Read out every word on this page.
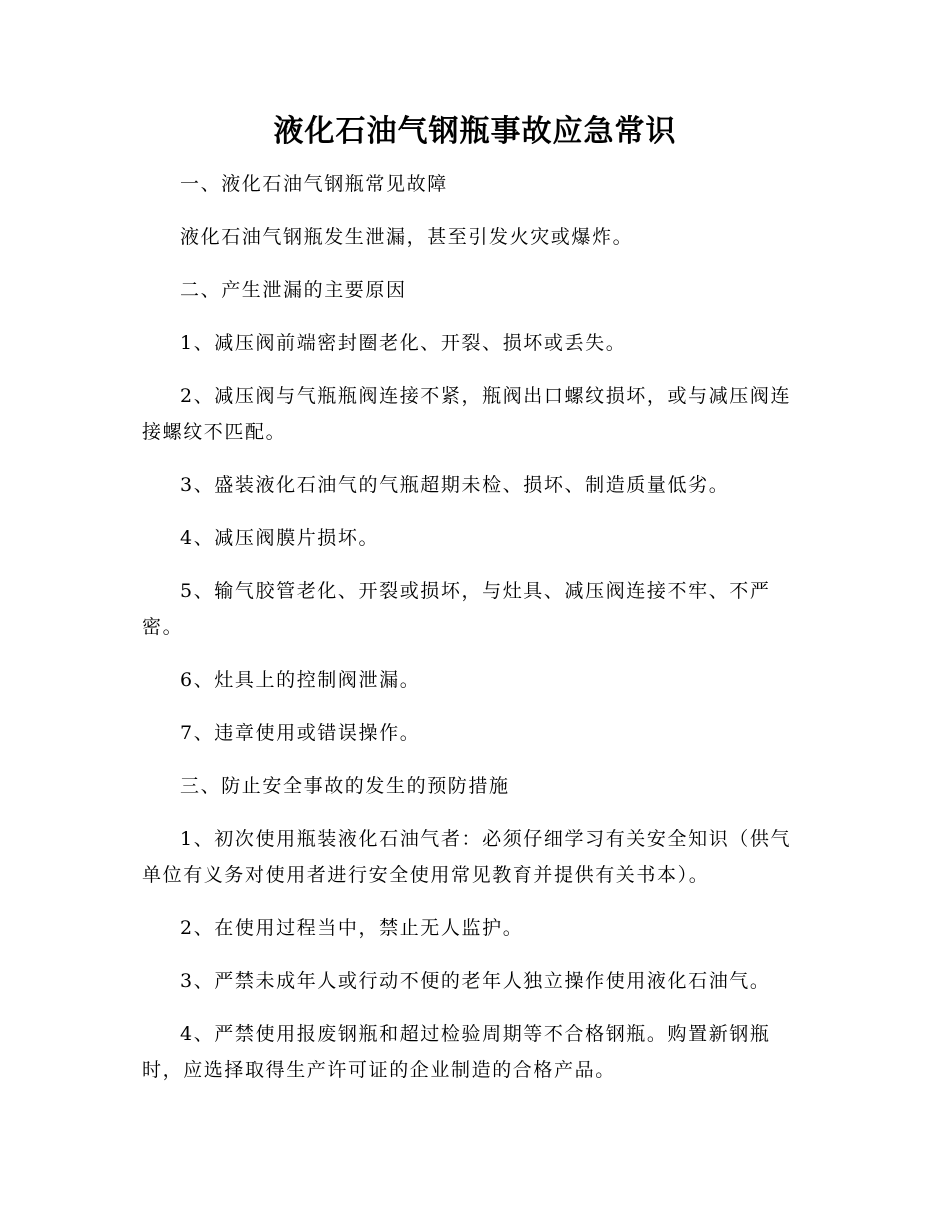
液化石油气钢瓶事故应急常识

一、液化石油气钢瓶常见故障

液化石油气钢瓶发生泄漏，甚至引发火灾或爆炸。

二、产生泄漏的主要原因

1、减压阀前端密封圈老化、开裂、损坏或丢失。

2、减压阀与气瓶瓶阀连接不紧，瓶阀出口螺纹损坏，或与减压阀连接螺纹不匹配。

3、盛装液化石油气的气瓶超期未检、损坏、制造质量低劣。

4、减压阀膜片损坏。

5、输气胶管老化、开裂或损坏，与灶具、减压阀连接不牢、不严密。

6、灶具上的控制阀泄漏。

7、违章使用或错误操作。

三、防止安全事故的发生的预防措施

1、初次使用瓶装液化石油气者：必须仔细学习有关安全知识（供气单位有义务对使用者进行安全使用常见教育并提供有关书本）。

2、在使用过程当中，禁止无人监护。

3、严禁未成年人或行动不便的老年人独立操作使用液化石油气。

4、严禁使用报废钢瓶和超过检验周期等不合格钢瓶。购置新钢瓶时，应选择取得生产许可证的企业制造的合格产品。
